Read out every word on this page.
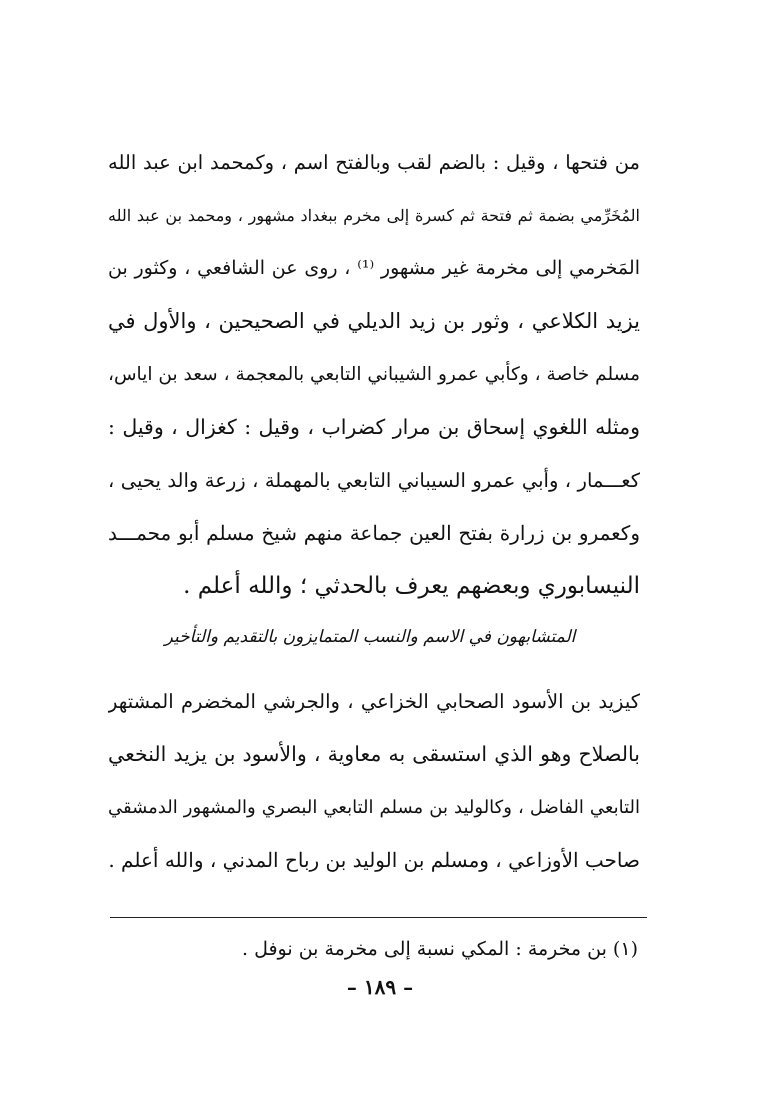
من فتحها ، وقيل : بالضم لقب وبالفتح اسم ، وكمحمد ابن عبد الله
المُخَرِّمي بضمة ثم فتحة ثم كسرة إلى مخرم ببغداد مشهور ، ومحمد بن عبد الله
المَخرمي إلى مخرمة غير مشهور ⁽¹⁾ ، روى عن الشافعي ، وكثور بن
يزيد الكلاعي ، وثور بن زيد الديلي في الصحيحين ، والأول في
مسلم خاصة ، وكأبي عمرو الشيباني التابعي بالمعجمة ، سعد بن اياس،
ومثله اللغوي إسحاق بن مرار كضراب ، وقيل : كغزال ، وقيل :
كعـــمار ، وأبي عمرو السيباني التابعي بالمهملة ، زرعة والد يحيى ،
وكعمرو بن زرارة بفتح العين جماعة منهم شيخ مسلم أبو محمـــد
النيسابوري وبعضهم يعرف بالحدثي ؛ والله أعلم .
المتشابهون في الاسم والنسب المتمايزون بالتقديم والتأخير
كيزيد بن الأسود الصحابي الخزاعي ، والجرشي المخضرم المشتهر
بالصلاح وهو الذي استسقى به معاوية ، والأسود بن يزيد النخعي
التابعي الفاضل ، وكالوليد بن مسلم التابعي البصري والمشهور الدمشقي
صاحب الأوزاعي ، ومسلم بن الوليد بن رباح المدني ، والله أعلم .
(١) بن مخرمة : المكي نسبة إلى مخرمة بن نوفل .
– ١٨٩ –
